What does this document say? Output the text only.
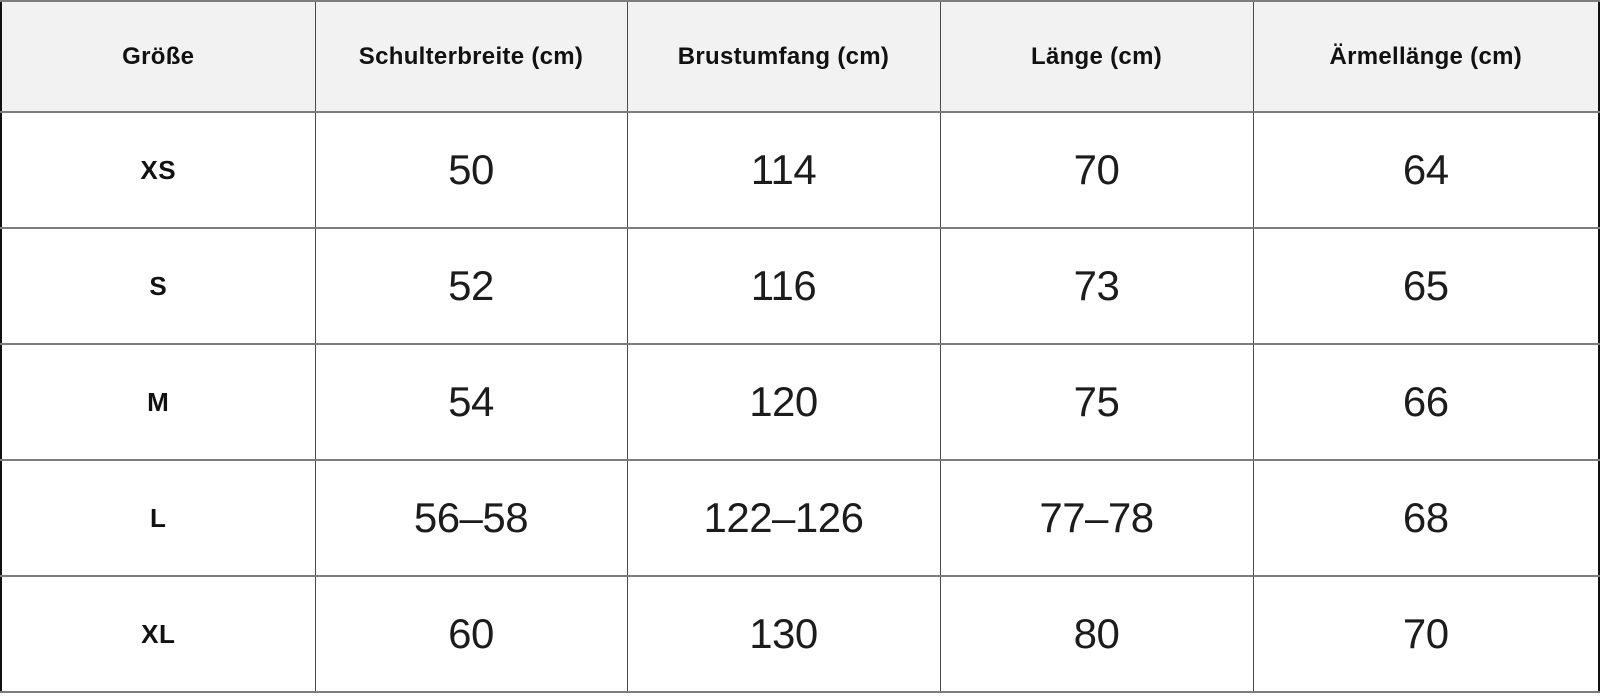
Größe	Schulterbreite (cm)	Brustumfang (cm)	Länge (cm)	Ärmellänge (cm)
XS	50	114	70	64
S	52	116	73	65
M	54	120	75	66
L	56–58	122–126	77–78	68
XL	60	130	80	70
